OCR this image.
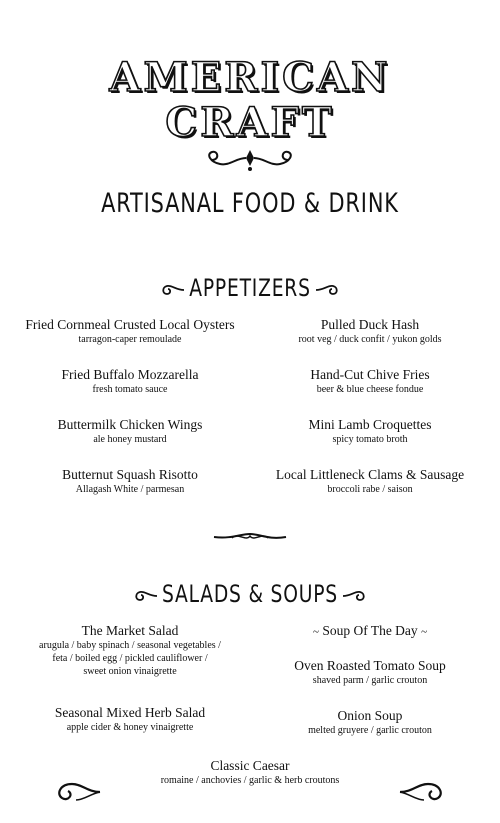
AMERICAN
CRAFT
ARTISANAL FOOD & DRINK
APPETIZERS
Fried Cornmeal Crusted Local Oysters
tarragon-caper remoulade
Fried Buffalo Mozzarella
fresh tomato sauce
Buttermilk Chicken Wings
ale honey mustard
Butternut Squash Risotto
Allagash White / parmesan
Pulled Duck Hash
root veg / duck confit / yukon golds
Hand-Cut Chive Fries
beer & blue cheese fondue
Mini Lamb Croquettes
spicy tomato broth
Local Littleneck Clams & Sausage
broccoli rabe / saison
SALADS & SOUPS
The Market Salad
arugula / baby spinach / seasonal vegetables /
feta / boiled egg / pickled cauliflower /
sweet onion vinaigrette
Seasonal Mixed Herb Salad
apple cider & honey vinaigrette
~ Soup Of The Day ~
Oven Roasted Tomato Soup
shaved parm / garlic crouton
Onion Soup
melted gruyere / garlic crouton
Classic Caesar
romaine / anchovies / garlic & herb croutons
